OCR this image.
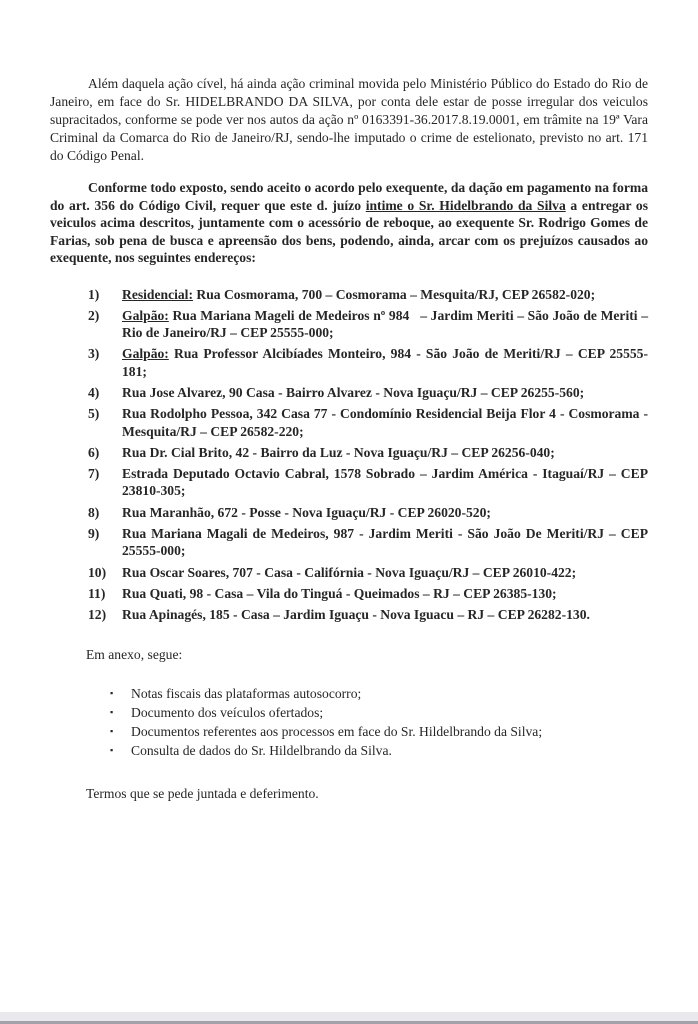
Além daquela ação cível, há ainda ação criminal movida pelo Ministério Público do Estado do Rio de Janeiro, em face do Sr. HIDELBRANDO DA SILVA, por conta dele estar de posse irregular dos veiculos supracitados, conforme se pode ver nos autos da ação nº 0163391-36.2017.8.19.0001, em trâmite na 19ª Vara Criminal da Comarca do Rio de Janeiro/RJ, sendo-lhe imputado o crime de estelionato, previsto no art. 171 do Código Penal.

Conforme todo exposto, sendo aceito o acordo pelo exequente, da dação em pagamento na forma do art. 356 do Código Civil, requer que este d. juízo intime o Sr. Hidelbrando da Silva a entregar os veiculos acima descritos, juntamente com o acessório de reboque, ao exequente Sr. Rodrigo Gomes de Farias, sob pena de busca e apreensão dos bens, podendo, ainda, arcar com os prejuízos causados ao exequente, nos seguintes endereços:

1) Residencial: Rua Cosmorama, 700 – Cosmorama – Mesquita/RJ, CEP 26582-020;
2) Galpão: Rua Mariana Mageli de Medeiros nº 984   – Jardim Meriti – São João de Meriti – Rio de Janeiro/RJ – CEP 25555-000;
3) Galpão: Rua Professor Alcibíades Monteiro, 984 - São João de Meriti/RJ – CEP 25555-181;
4) Rua Jose Alvarez, 90 Casa - Bairro Alvarez - Nova Iguaçu/RJ – CEP 26255-560;
5) Rua Rodolpho Pessoa, 342 Casa 77 - Condomínio Residencial Beija Flor 4 - Cosmorama - Mesquita/RJ – CEP 26582-220;
6) Rua Dr. Cial Brito, 42 - Bairro da Luz - Nova Iguaçu/RJ – CEP 26256-040;
7) Estrada Deputado Octavio Cabral, 1578 Sobrado – Jardim América - Itaguaí/RJ – CEP 23810-305;
8) Rua Maranhão, 672 - Posse - Nova Iguaçu/RJ - CEP 26020-520;
9) Rua Mariana Magali de Medeiros, 987 - Jardim Meriti - São João De Meriti/RJ – CEP 25555-000;
10) Rua Oscar Soares, 707 - Casa - Califórnia - Nova Iguaçu/RJ – CEP 26010-422;
11) Rua Quati, 98 - Casa – Vila do Tinguá - Queimados – RJ – CEP 26385-130;
12) Rua Apinagés, 185 - Casa – Jardim Iguaçu - Nova Iguacu – RJ – CEP 26282-130.

Em anexo, segue:

▪ Notas fiscais das plataformas autosocorro;
▪ Documento dos veículos ofertados;
▪ Documentos referentes aos processos em face do Sr. Hildelbrando da Silva;
▪ Consulta de dados do Sr. Hildelbrando da Silva.

Termos que se pede juntada e deferimento.
